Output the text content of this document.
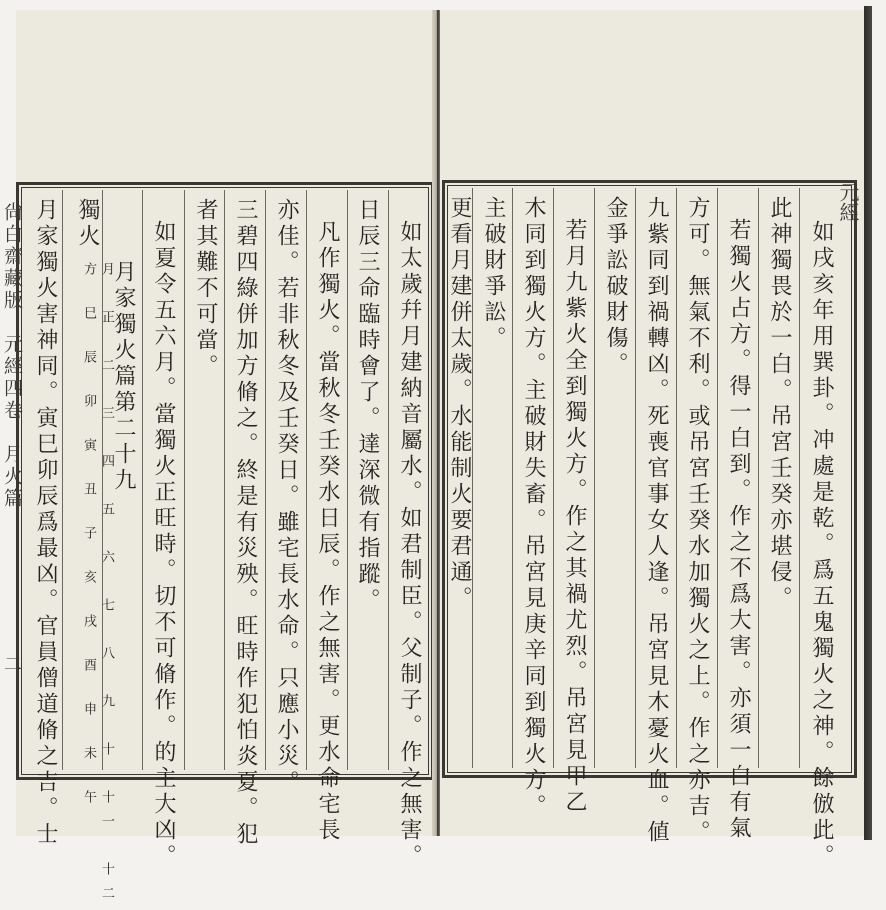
如太歲幷月建納音屬水。如君制臣。父制子。作之無害。
日辰三命臨時會了。達深微有指蹤。
凡作獨火。當秋冬壬癸水日辰。作之無害。更水命宅長
亦佳。若非秋冬及壬癸日。雖宅長水命。只應小災。
三碧四綠併加方脩之。終是有災殃。旺時作犯怕炎夏。犯
者其難不可當。
如夏令五六月。當獨火正旺時。切不可脩作。的主大凶。
月家獨火篇第二十九
獨火
月　正　二　三　四　五　六　七　八　九　十　十一　十二
方　巳　辰　卯　寅　丑　子　亥　戌　酉　申　未　午
月家獨火害神同。寅巳卯辰爲最凶。官員僧道脩之吉。士
尙白齋藏版　元經四卷　月火篇
二
元經
如戌亥年用巽卦。冲處是乾。爲五鬼獨火之神。餘倣此。
此神獨畏於一白。吊宮壬癸亦堪侵。
若獨火占方。得一白到。作之不爲大害。亦須一白有氣
方可。無氣不利。或吊宮壬癸水加獨火之上。作之亦吉。
九紫同到禍轉凶。死喪官事女人逢。吊宮見木憂火血。値
金爭訟破財傷。
若月九紫火全到獨火方。作之其禍尤烈。吊宮見甲乙
木同到獨火方。主破財失畜。吊宮見庚辛同到獨火方。
主破財爭訟。
更看月建併太歲。水能制火要君通。
